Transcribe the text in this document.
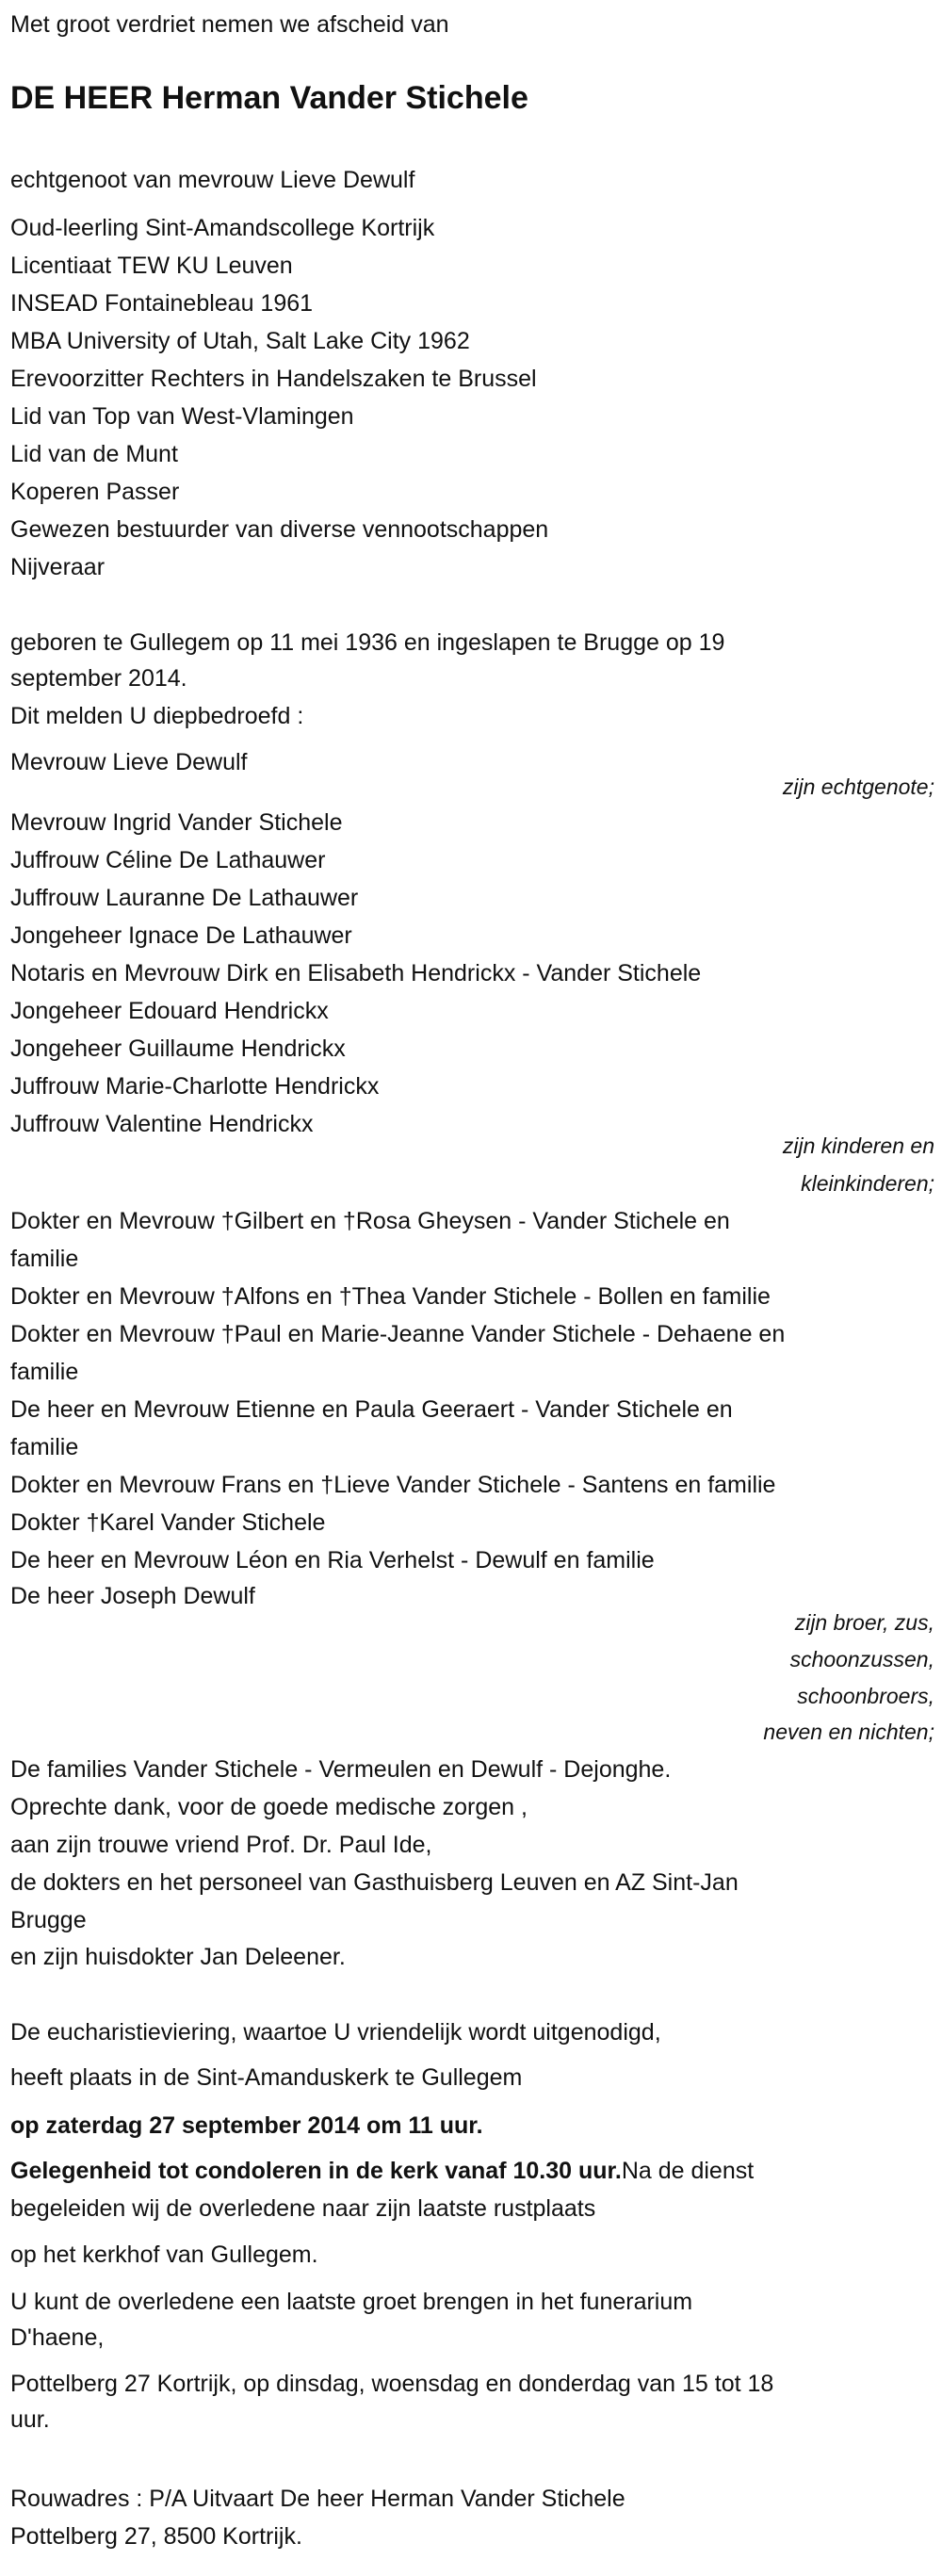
Met groot verdriet nemen we afscheid van
DE HEER Herman Vander Stichele
echtgenoot van mevrouw Lieve Dewulf
Oud-leerling Sint-Amandscollege Kortrijk
Licentiaat TEW KU Leuven
INSEAD Fontainebleau 1961
MBA University of Utah, Salt Lake City 1962
Erevoorzitter Rechters in Handelszaken te Brussel
Lid van Top van West-Vlamingen
Lid van de Munt
Koperen Passer
Gewezen bestuurder van diverse vennootschappen
Nijveraar
geboren te Gullegem op 11 mei 1936 en ingeslapen te Brugge op 19
september 2014.
Dit melden U diepbedroefd :
Mevrouw Lieve Dewulf
zijn echtgenote;
Mevrouw Ingrid Vander Stichele
Juffrouw Céline De Lathauwer
Juffrouw Lauranne De Lathauwer
Jongeheer Ignace De Lathauwer
Notaris en Mevrouw Dirk en Elisabeth Hendrickx - Vander Stichele
Jongeheer Edouard Hendrickx
Jongeheer Guillaume Hendrickx
Juffrouw Marie-Charlotte Hendrickx
Juffrouw Valentine Hendrickx
zijn kinderen en
kleinkinderen;
Dokter en Mevrouw †Gilbert en †Rosa Gheysen - Vander Stichele en
familie
Dokter en Mevrouw †Alfons en †Thea Vander Stichele - Bollen en familie
Dokter en Mevrouw †Paul en Marie-Jeanne Vander Stichele - Dehaene en
familie
De heer en Mevrouw Etienne en Paula Geeraert - Vander Stichele en
familie
Dokter en Mevrouw Frans en †Lieve Vander Stichele - Santens en familie
Dokter †Karel Vander Stichele
De heer en Mevrouw Léon en Ria Verhelst - Dewulf en familie
De heer Joseph Dewulf
zijn broer, zus,
schoonzussen,
schoonbroers,
neven en nichten;
De families Vander Stichele - Vermeulen en Dewulf - Dejonghe.
Oprechte dank, voor de goede medische zorgen ,
aan zijn trouwe vriend Prof. Dr. Paul Ide,
de dokters en het personeel van Gasthuisberg Leuven en AZ Sint-Jan
Brugge
en zijn huisdokter Jan Deleener.
De eucharistieviering, waartoe U vriendelijk wordt uitgenodigd,
heeft plaats in de Sint-Amanduskerk te Gullegem
op zaterdag 27 september 2014 om 11 uur.
Gelegenheid tot condoleren in de kerk vanaf 10.30 uur.Na de dienst
begeleiden wij de overledene naar zijn laatste rustplaats
op het kerkhof van Gullegem.
U kunt de overledene een laatste groet brengen in het funerarium
D'haene,
Pottelberg 27 Kortrijk, op dinsdag, woensdag en donderdag van 15 tot 18
uur.
Rouwadres : P/A Uitvaart De heer Herman Vander Stichele
Pottelberg 27, 8500 Kortrijk.
